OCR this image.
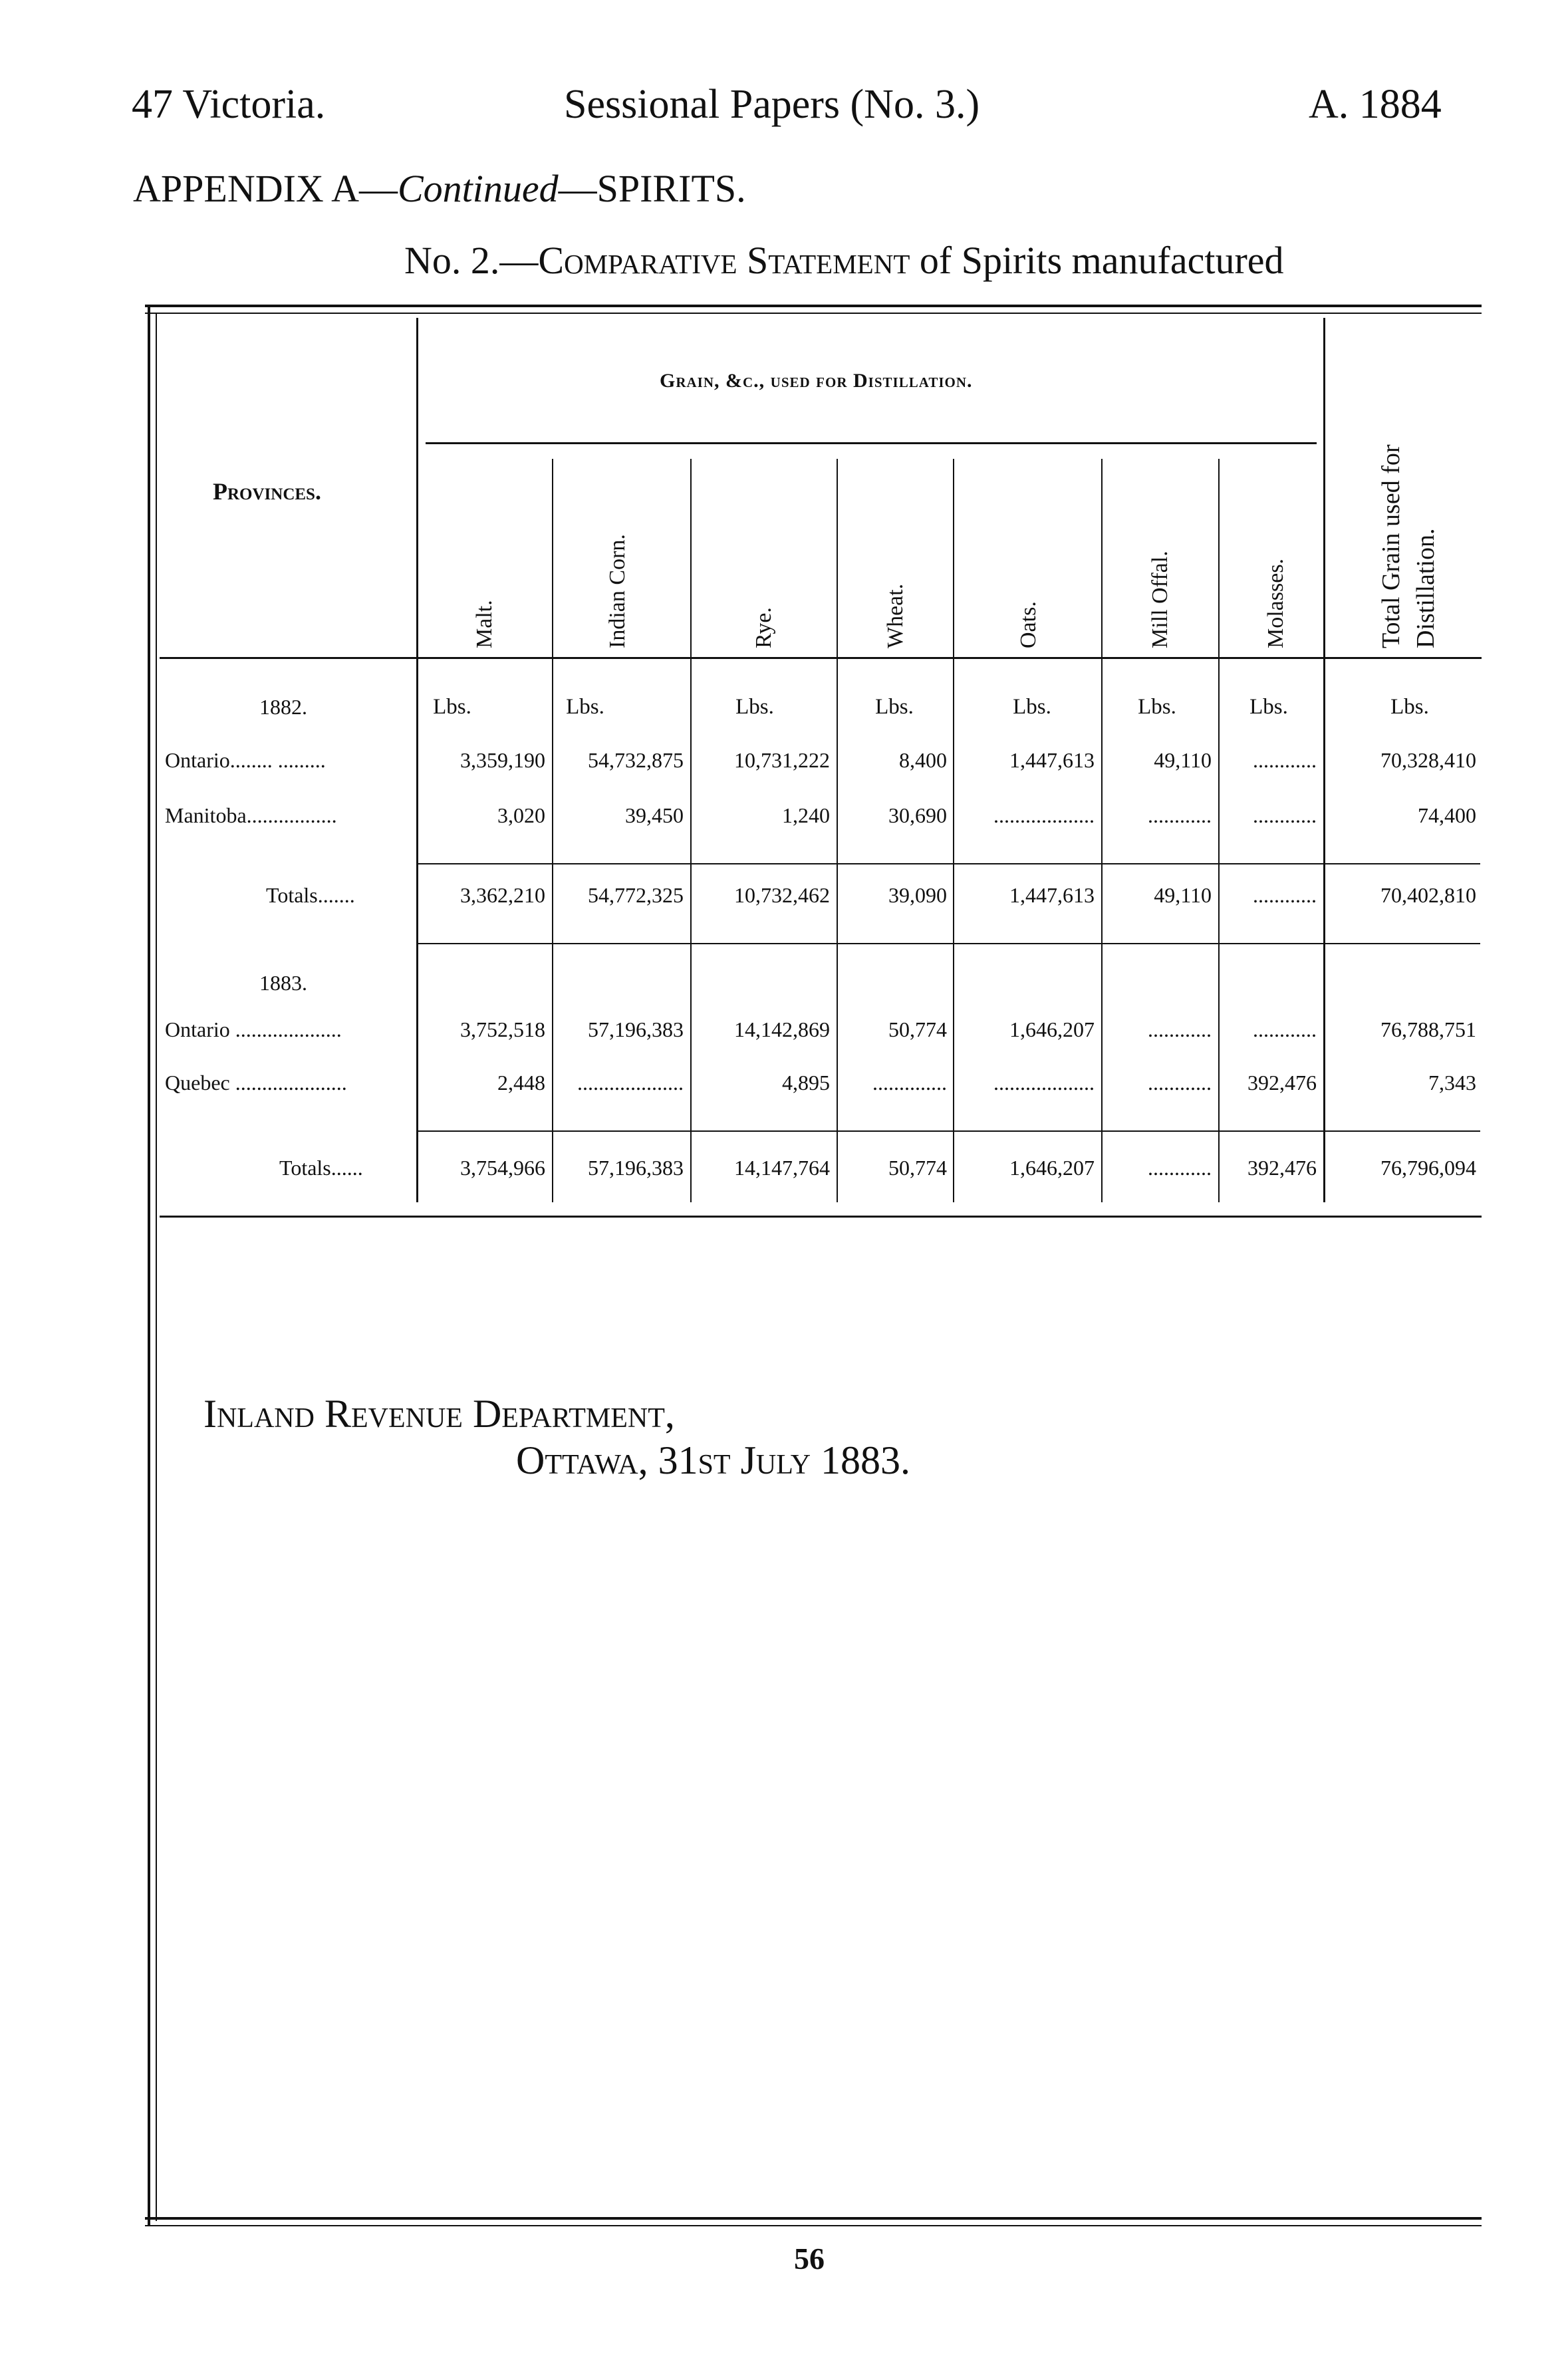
47 Victoria.	Sessional Papers (No. 3.)	A. 1884
APPENDIX A—Continued—SPIRITS.
No. 2.—Comparative Statement of Spirits manufactured
Provinces.
Grain, &c., used for Distillation.
Malt.	Indian Corn.	Rye.	Wheat.	Oats.	Mill Offal.	Molasses.	Total Grain used for Distillation.
1882.
1883.
Lbs.	Lbs.	Lbs.	Lbs.	Lbs.	Lbs.	Lbs.	Lbs.
Ontario........ .........	3,359,190	54,732,875	10,731,222	8,400	1,447,613	49,110	............	70,328,410
Manitoba.................	3,020	39,450	1,240	30,690	...................	............	............	74,400
Totals.......	3,362,210	54,772,325	10,732,462	39,090	1,447,613	49,110	............	70,402,810
Ontario ....................	3,752,518	57,196,383	14,142,869	50,774	1,646,207	............	............	76,788,751
Quebec .....................	2,448	....................	4,895	..............	...................	............	392,476	7,343
Totals......	3,754,966	57,196,383	14,147,764	50,774	1,646,207	............	392,476	76,796,094
Inland Revenue Department,
Ottawa, 31st July 1883.
56
